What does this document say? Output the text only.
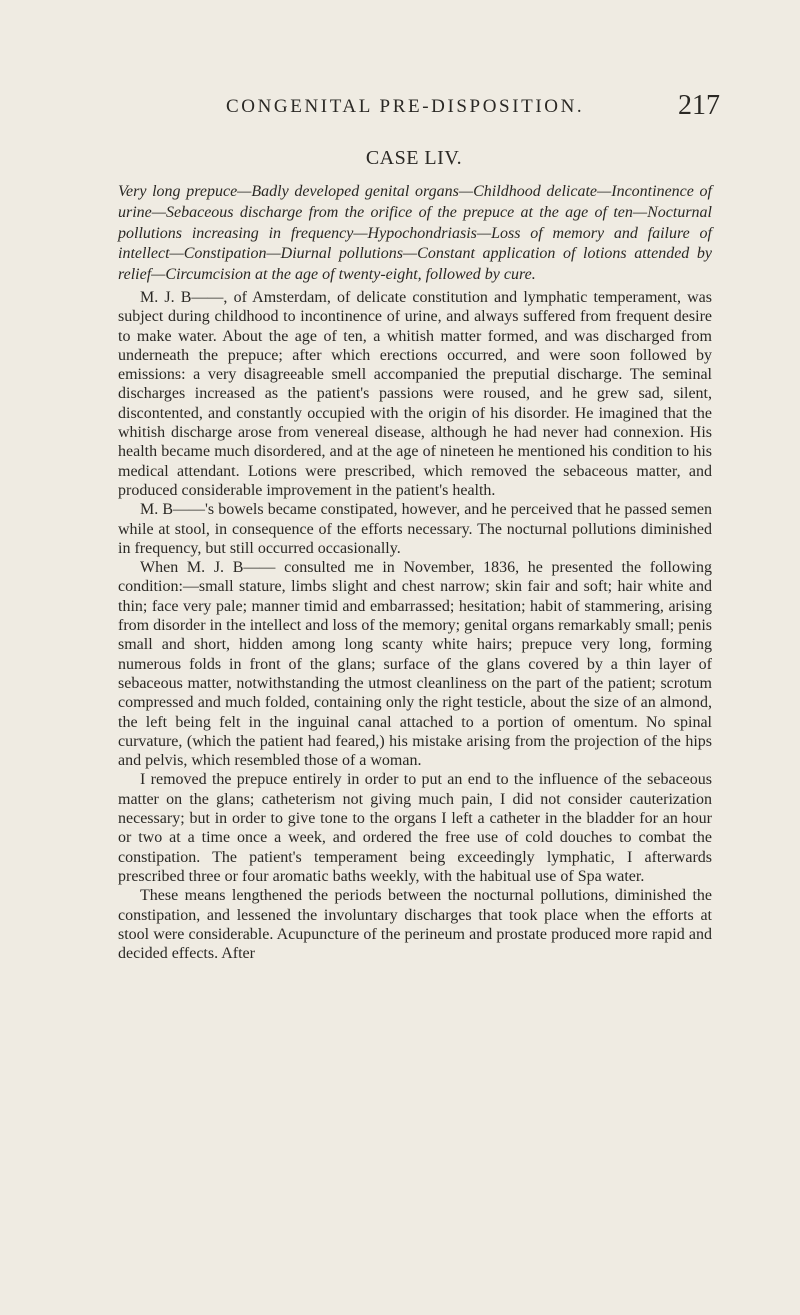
CONGENITAL PRE-DISPOSITION.	217
CASE LIV.

Very long prepuce—Badly developed genital organs—Childhood delicate—Incontinence of urine—Sebaceous discharge from the orifice of the prepuce at the age of ten—Nocturnal pollutions increasing in frequency—Hypochondriasis—Loss of memory and failure of intellect—Constipation—Diurnal pollutions—Constant application of lotions attended by relief—Circumcision at the age of twenty-eight, followed by cure.

M. J. B——, of Amsterdam, of delicate constitution and lymphatic temperament, was subject during childhood to incontinence of urine, and always suffered from frequent desire to make water. About the age of ten, a whitish matter formed, and was discharged from underneath the prepuce; after which erections occurred, and were soon followed by emissions: a very disagreeable smell accompanied the preputial discharge. The seminal discharges increased as the patient's passions were roused, and he grew sad, silent, discontented, and constantly occupied with the origin of his disorder. He imagined that the whitish discharge arose from venereal disease, although he had never had connexion. His health became much disordered, and at the age of nineteen he mentioned his condition to his medical attendant. Lotions were prescribed, which removed the sebaceous matter, and produced considerable improvement in the patient's health.

M. B——'s bowels became constipated, however, and he perceived that he passed semen while at stool, in consequence of the efforts necessary. The nocturnal pollutions diminished in frequency, but still occurred occasionally.

When M. J. B—— consulted me in November, 1836, he presented the following condition:—small stature, limbs slight and chest narrow; skin fair and soft; hair white and thin; face very pale; manner timid and embarrassed; hesitation; habit of stammering, arising from disorder in the intellect and loss of the memory; genital organs remarkably small; penis small and short, hidden among long scanty white hairs; prepuce very long, forming numerous folds in front of the glans; surface of the glans covered by a thin layer of sebaceous matter, notwithstanding the utmost cleanliness on the part of the patient; scrotum compressed and much folded, containing only the right testicle, about the size of an almond, the left being felt in the inguinal canal attached to a portion of omentum. No spinal curvature, (which the patient had feared,) his mistake arising from the projection of the hips and pelvis, which resembled those of a woman.

I removed the prepuce entirely in order to put an end to the influence of the sebaceous matter on the glans; catheterism not giving much pain, I did not consider cauterization necessary; but in order to give tone to the organs I left a catheter in the bladder for an hour or two at a time once a week, and ordered the free use of cold douches to combat the constipation. The patient's temperament being exceedingly lymphatic, I afterwards prescribed three or four aromatic baths weekly, with the habitual use of Spa water.

These means lengthened the periods between the nocturnal pollutions, diminished the constipation, and lessened the involuntary discharges that took place when the efforts at stool were considerable. Acupuncture of the perineum and prostate produced more rapid and decided effects. After
